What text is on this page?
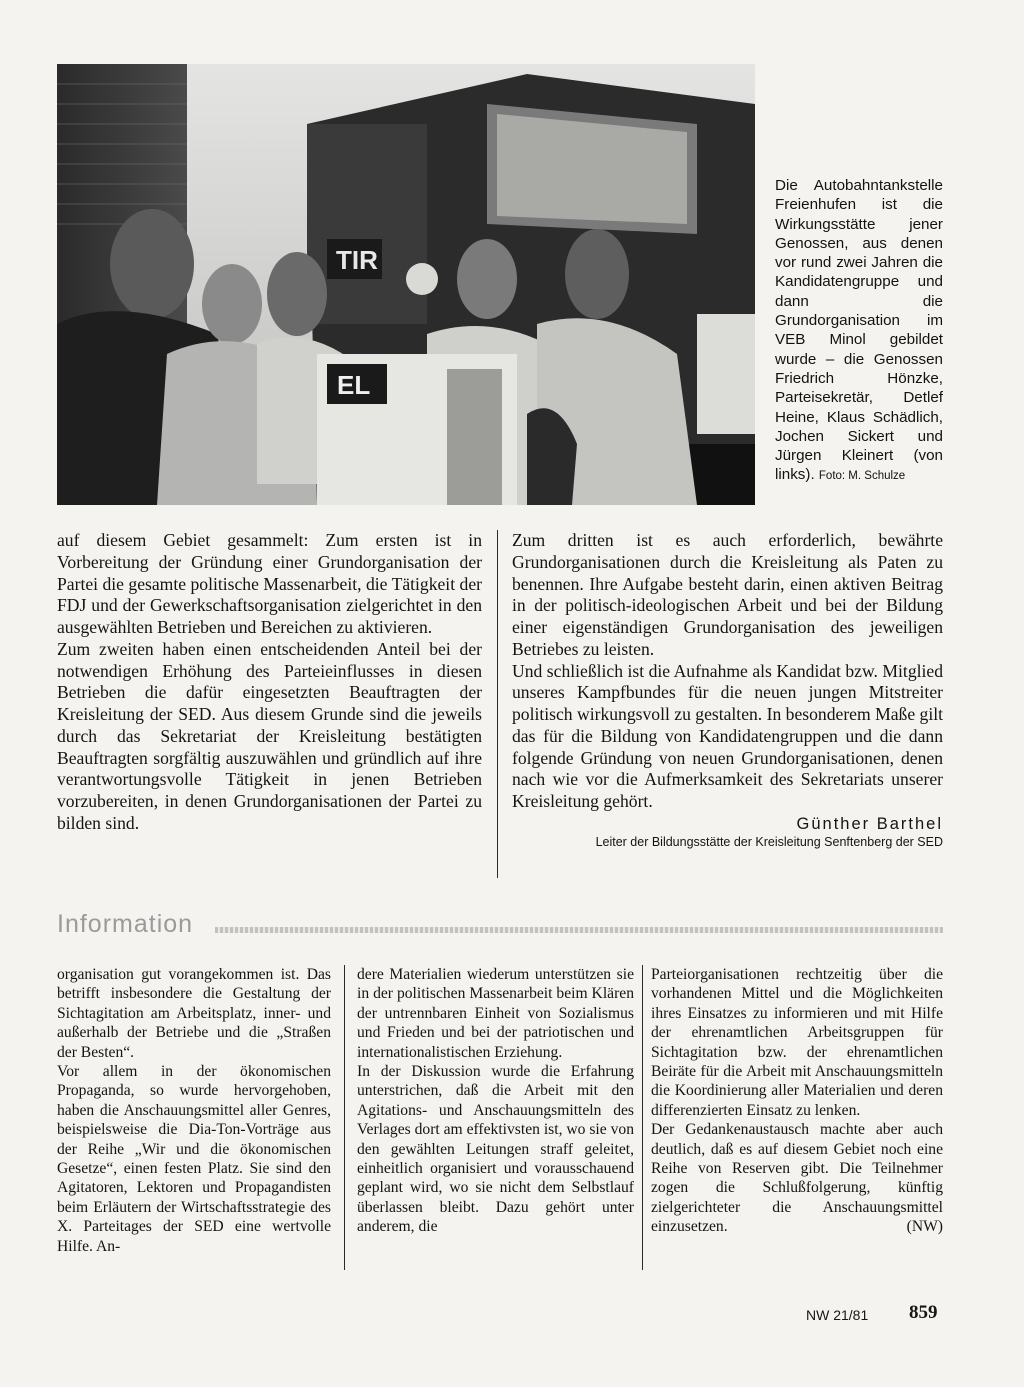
TIR
EL
Die Autobahntankstelle Freienhufen ist die Wirkungsstätte jener Genossen, aus denen vor rund zwei Jahren die Kandidatengruppe und dann die Grundorganisation im VEB Minol gebildet wurde – die Genossen Friedrich Hönzke, Parteisekretär, Detlef Heine, Klaus Schädlich, Jochen Sickert und Jürgen Kleinert (von links). Foto: M. Schulze

auf diesem Gebiet gesammelt: Zum ersten ist in Vorbereitung der Gründung einer Grundorganisation der Partei die gesamte politische Massenarbeit, die Tätigkeit der FDJ und der Gewerkschaftsorganisation zielgerichtet in den ausgewählten Betrieben und Bereichen zu aktivieren.

Zum zweiten haben einen entscheidenden Anteil bei der notwendigen Erhöhung des Parteieinflusses in diesen Betrieben die dafür eingesetzten Beauftragten der Kreisleitung der SED. Aus diesem Grunde sind die jeweils durch das Sekretariat der Kreisleitung bestätigten Beauftragten sorgfältig auszuwählen und gründlich auf ihre verantwortungsvolle Tätigkeit in jenen Betrieben vorzubereiten, in denen Grundorganisationen der Partei zu bilden sind.

Zum dritten ist es auch erforderlich, bewährte Grundorganisationen durch die Kreisleitung als Paten zu benennen. Ihre Aufgabe besteht darin, einen aktiven Beitrag in der politisch-ideologischen Arbeit und bei der Bildung einer eigenständigen Grundorganisation des jeweiligen Betriebes zu leisten.

Und schließlich ist die Aufnahme als Kandidat bzw. Mitglied unseres Kampfbundes für die neuen jungen Mitstreiter politisch wirkungsvoll zu gestalten. In besonderem Maße gilt das für die Bildung von Kandidatengruppen und die dann folgende Gründung von neuen Grundorganisationen, denen nach wie vor die Aufmerksamkeit des Sekretariats unserer Kreisleitung gehört.

Günther Barthel
Leiter der Bildungsstätte der Kreisleitung Senftenberg der SED
Information

organisation gut vorangekommen ist. Das betrifft insbesondere die Gestaltung der Sichtagitation am Arbeitsplatz, inner- und außerhalb der Betriebe und die „Straßen der Besten“.

Vor allem in der ökonomischen Propaganda, so wurde hervorgehoben, haben die Anschauungsmittel aller Genres, beispielsweise die Dia-Ton-Vorträge aus der Reihe „Wir und die ökonomischen Gesetze“, einen festen Platz. Sie sind den Agitatoren, Lektoren und Propagandisten beim Erläutern der Wirtschaftsstrategie des X. Parteitages der SED eine wertvolle Hilfe. An-

dere Materialien wiederum unterstützen sie in der politischen Massenarbeit beim Klären der untrennbaren Einheit von Sozialismus und Frieden und bei der patriotischen und internationalistischen Erziehung.

In der Diskussion wurde die Erfahrung unterstrichen, daß die Arbeit mit den Agitations- und Anschauungsmitteln des Verlages dort am effektivsten ist, wo sie von den gewählten Leitungen straff geleitet, einheitlich organisiert und vorausschauend geplant wird, wo sie nicht dem Selbstlauf überlassen bleibt. Dazu gehört unter anderem, die

Parteiorganisationen rechtzeitig über die vorhandenen Mittel und die Möglichkeiten ihres Einsatzes zu informieren und mit Hilfe der ehrenamtlichen Arbeitsgruppen für Sichtagitation bzw. der ehrenamtlichen Beiräte für die Arbeit mit Anschauungsmitteln die Koordinierung aller Materialien und deren differenzierten Einsatz zu lenken.

Der Gedankenaustausch machte aber auch deutlich, daß es auf diesem Gebiet noch eine Reihe von Reserven gibt. Die Teilnehmer zogen die Schlußfolgerung, künftig zielgerichteter die Anschauungsmittel einzusetzen.	(NW)

NW 21/81 859
